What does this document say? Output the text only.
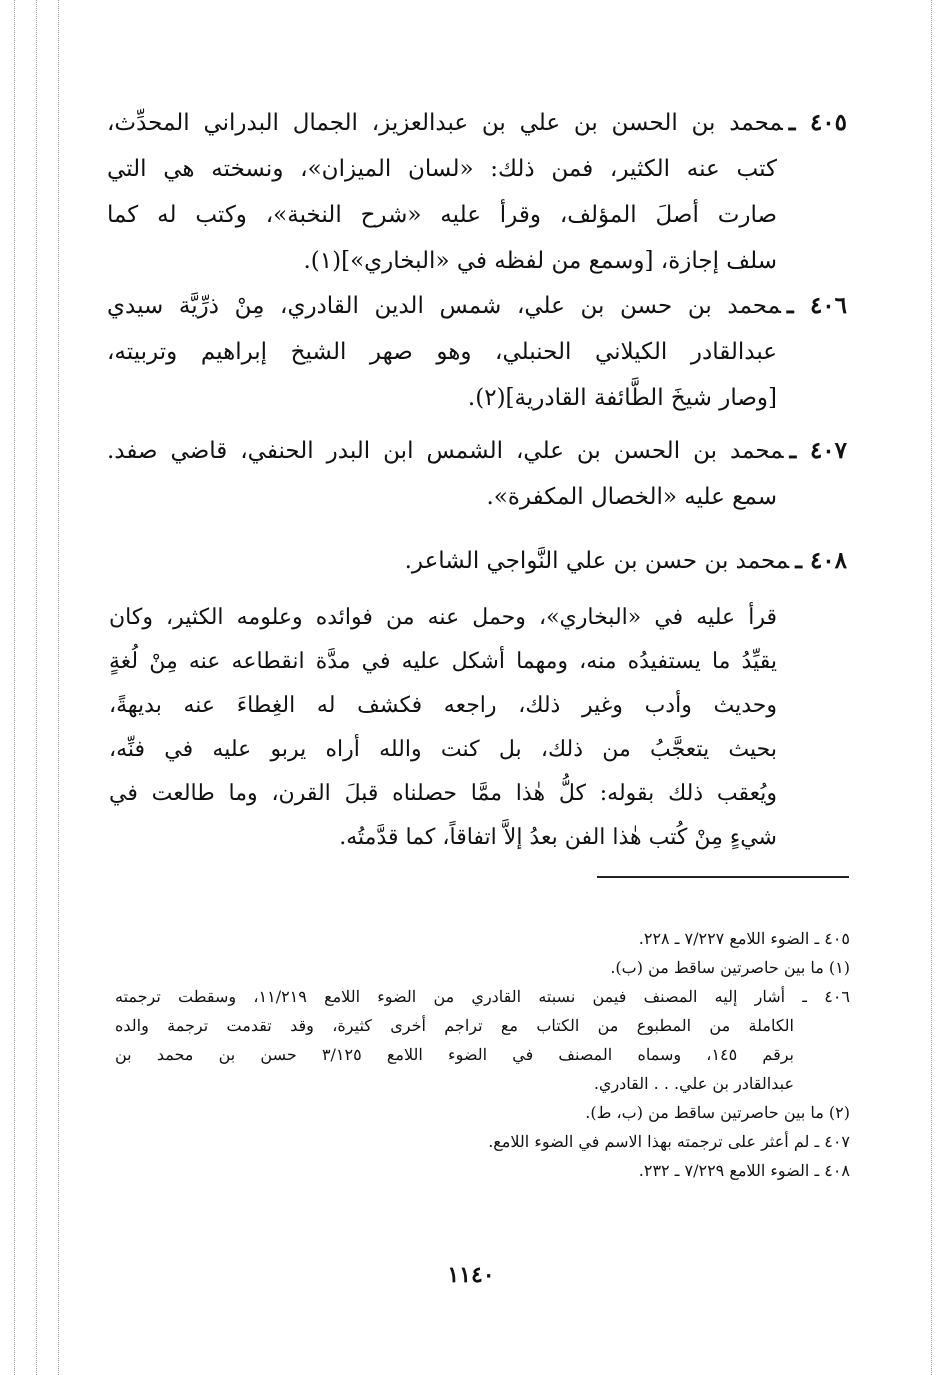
٤٠٥ ـمحمد بن الحسن بن علي بن عبدالعزيز، الجمال البدراني المحدِّث،
كتب عنه الكثير، فمن ذلك: «لسان الميزان»، ونسخته هي التي
صارت أصلَ المؤلف، وقرأ عليه «شرح النخبة»، وكتب له كما
سلف إجازة، [وسمع من لفظه في «البخاري»](١).
٤٠٦ ـمحمد بن حسن بن علي، شمس الدين القادري، مِنْ ذرِّيَّة سيدي
عبدالقادر الكيلاني الحنبلي، وهو صهر الشيخ إبراهيم وتربيته،
[وصار شيخَ الطَّائفة القادرية](٢).
٤٠٧ ـمحمد بن الحسن بن علي، الشمس ابن البدر الحنفي، قاضي صفد.
سمع عليه «الخصال المكفرة».
٤٠٨ ـمحمد بن حسن بن علي النَّواجي الشاعر.
قرأ عليه في «البخاري»، وحمل عنه من فوائده وعلومه الكثير، وكان
يقيِّدُ ما يستفيدُه منه، ومهما أشكل عليه في مدَّة انقطاعه عنه مِنْ لُغةٍ
وحديث وأدب وغير ذلك، راجعه فكشف له الغِطاءَ عنه بديهةً،
بحيث يتعجَّبُ من ذلك، بل كنت والله أراه يربو عليه في فنِّه،
ويُعقب ذلك بقوله: كلُّ هٰذا ممَّا حصلناه قبلَ القرن، وما طالعت في
شيءٍ مِنْ كُتب هٰذا الفن بعدُ إلاَّ اتفاقاً، كما قدَّمتُه.
٤٠٥ ـ الضوء اللامع ٧/٢٢٧ ـ ٢٢٨.
(١) ما بين حاصرتين ساقط من (ب).
٤٠٦ ـ أشار إليه المصنف فيمن نسبته القادري من الضوء اللامع ١١/٢١٩، وسقطت ترجمته
الكاملة من المطبوع من الكتاب مع تراجم أخرى كثيرة، وقد تقدمت ترجمة والده
برقم ١٤٥، وسماه المصنف في الضوء اللامع ٣/١٢٥ حسن بن محمد بن
عبدالقادر بن علي. . . القادري.
(٢) ما بين حاصرتين ساقط من (ب، ط).
٤٠٧ ـ لم أعثر على ترجمته بهذا الاسم في الضوء اللامع.
٤٠٨ ـ الضوء اللامع ٧/٢٢٩ ـ ٢٣٢.
١١٤٠
